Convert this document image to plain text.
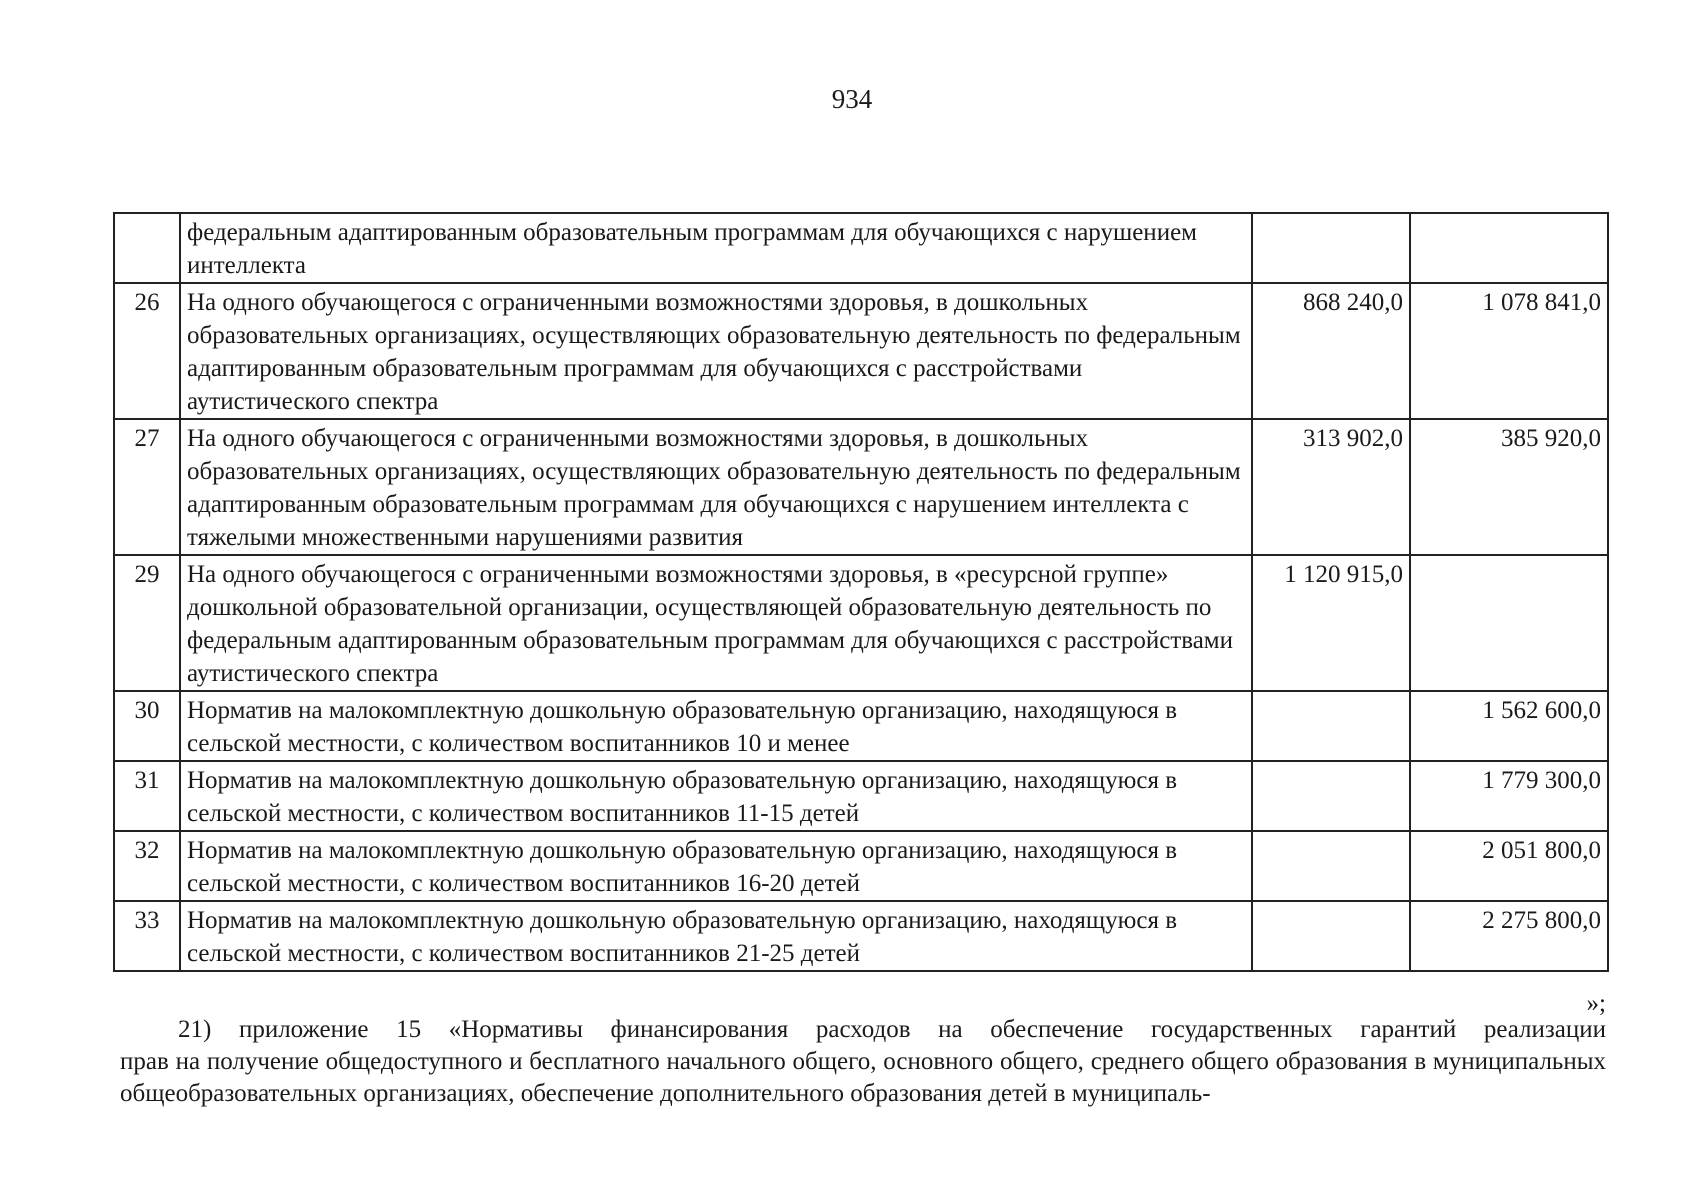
934
	федеральным адаптированным образовательным программам для обучающихся с нарушением интеллекта		
26	На одного обучающегося с ограниченными возможностями здоровья, в дошкольных образовательных организациях, осуществляющих образовательную деятельность по федеральным адаптированным образовательным программам для обучающихся с расстройствами аутистического спектра	868 240,0	1 078 841,0
27	На одного обучающегося с ограниченными возможностями здоровья, в дошкольных образовательных организациях, осуществляющих образовательную деятельность по федеральным адаптированным образовательным программам для обучающихся с нарушением интеллекта с тяжелыми множественными нарушениями развития	313 902,0	385 920,0
29	На одного обучающегося с ограниченными возможностями здоровья, в «ресурсной группе» дошкольной образовательной организации, осуществляющей образовательную деятельность по федеральным адаптированным образовательным программам для обучающихся с расстройствами аутистического спектра	1 120 915,0	
30	Норматив на малокомплектную дошкольную образовательную организацию, находящуюся в сельской местности, с количеством воспитанников 10 и менее		1 562 600,0
31	Норматив на малокомплектную дошкольную образовательную организацию, находящуюся в сельской местности, с количеством воспитанников 11-15 детей		1 779 300,0
32	Норматив на малокомплектную дошкольную образовательную организацию, находящуюся в сельской местности, с количеством воспитанников 16-20 детей		2 051 800,0
33	Норматив на малокомплектную дошкольную образовательную организацию, находящуюся в сельской местности, с количеством воспитанников 21-25 детей		2 275 800,0
»;
21) приложение 15 «Нормативы финансирования расходов на обеспечение государственных гарантий реализации
прав на получение общедоступного и бесплатного начального общего, основного общего, среднего общего образования в муниципальных общеобразовательных организациях, обеспечение дополнительного образования детей в муниципаль-
